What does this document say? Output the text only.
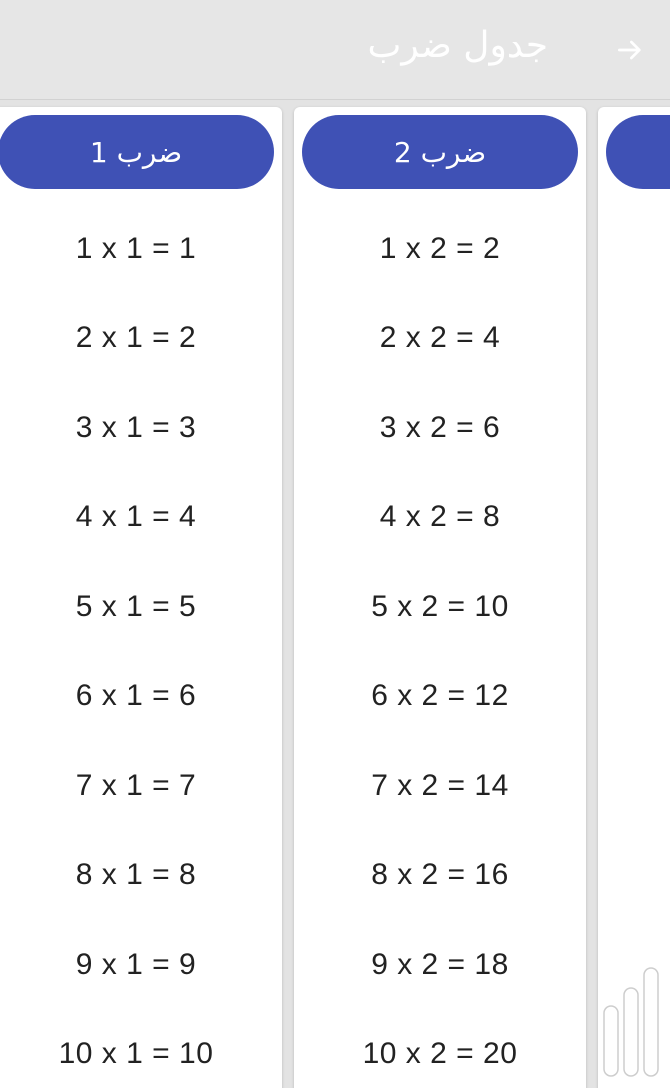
جدول ضرب
ضرب 1
1 x 1 = 1
2 x 1 = 2
3 x 1 = 3
4 x 1 = 4
5 x 1 = 5
6 x 1 = 6
7 x 1 = 7
8 x 1 = 8
9 x 1 = 9
10 x 1 = 10
ضرب 2
1 x 2 = 2
2 x 2 = 4
3 x 2 = 6
4 x 2 = 8
5 x 2 = 10
6 x 2 = 12
7 x 2 = 14
8 x 2 = 16
9 x 2 = 18
10 x 2 = 20
